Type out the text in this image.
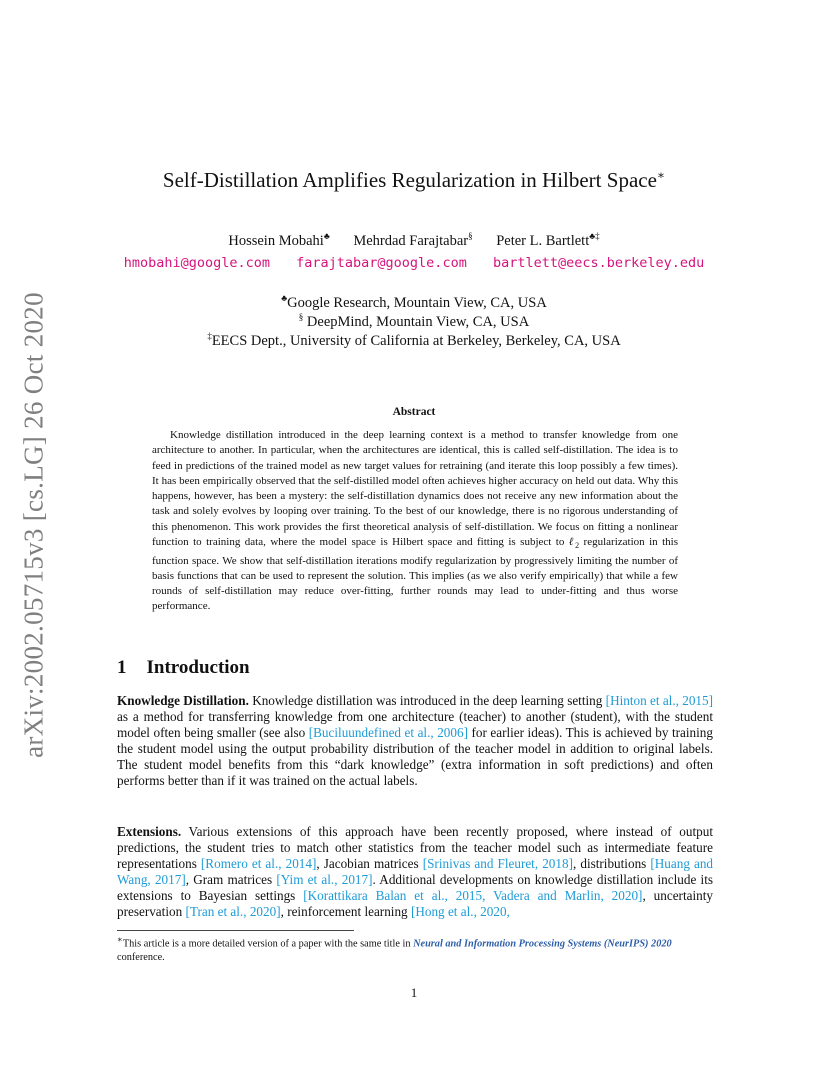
arXiv:2002.05715v3 [cs.LG] 26 Oct 2020
Self-Distillation Amplifies Regularization in Hilbert Space∗
Hossein Mobahi♣ Mehrdad Farajtabar§ Peter L. Bartlett♣‡
hmobahi@google.com farajtabar@google.com bartlett@eecs.berkeley.edu
♣Google Research, Mountain View, CA, USA
§ DeepMind, Mountain View, CA, USA
‡EECS Dept., University of California at Berkeley, Berkeley, CA, USA
Abstract
Knowledge distillation introduced in the deep learning context is a method to transfer knowledge from one architecture to another. In particular, when the architectures are identical, this is called self-distillation. The idea is to feed in predictions of the trained model as new target values for retraining (and iterate this loop possibly a few times). It has been empirically observed that the self-distilled model often achieves higher accuracy on held out data. Why this happens, however, has been a mystery: the self-distillation dynamics does not receive any new information about the task and solely evolves by looping over training. To the best of our knowledge, there is no rigorous understanding of this phenomenon. This work provides the first theoretical analysis of self-distillation. We focus on fitting a nonlinear function to training data, where the model space is Hilbert space and fitting is subject to ℓ$_2$ regularization in this function space. We show that self-distillation iterations modify regularization by progressively limiting the number of basis functions that can be used to represent the solution. This implies (as we also verify empirically) that while a few rounds of self-distillation may reduce over-fitting, further rounds may lead to under-fitting and thus worse performance.
1 Introduction
Knowledge Distillation. Knowledge distillation was introduced in the deep learning setting [Hinton et al., 2015] as a method for transferring knowledge from one architecture (teacher) to another (student), with the student model often being smaller (see also [Buciluundefined et al., 2006] for earlier ideas). This is achieved by training the student model using the output probability distribution of the teacher model in addition to original labels. The student model benefits from this “dark knowledge” (extra information in soft predictions) and often performs better than if it was trained on the actual labels.
Extensions. Various extensions of this approach have been recently proposed, where instead of output predictions, the student tries to match other statistics from the teacher model such as intermediate feature representations [Romero et al., 2014], Jacobian matrices [Srinivas and Fleuret, 2018], distributions [Huang and Wang, 2017], Gram matrices [Yim et al., 2017]. Additional developments on knowledge distillation include its extensions to Bayesian settings [Korattikara Balan et al., 2015, Vadera and Marlin, 2020], uncertainty preservation [Tran et al., 2020], reinforcement learning [Hong et al., 2020,
∗This article is a more detailed version of a paper with the same title in Neural and Information Processing Systems (NeurIPS) 2020 conference.
1
